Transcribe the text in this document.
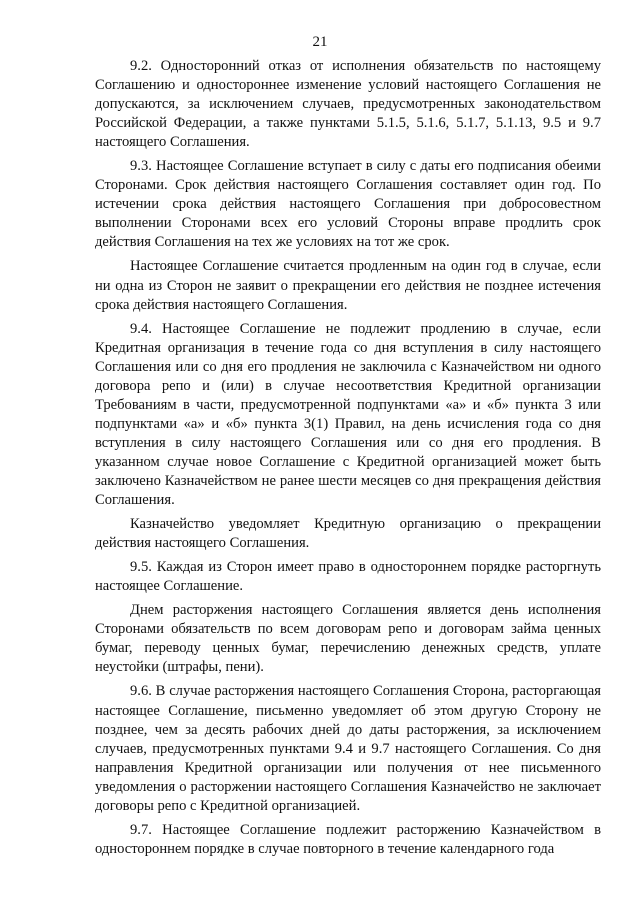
21

9.2. Односторонний отказ от исполнения обязательств по настоящему Соглашению и одностороннее изменение условий настоящего Соглашения не допускаются, за исключением случаев, предусмотренных законодательством Российской Федерации, а также пунктами 5.1.5, 5.1.6, 5.1.7, 5.1.13, 9.5 и 9.7 настоящего Соглашения.

9.3. Настоящее Соглашение вступает в силу с даты его подписания обеими Сторонами. Срок действия настоящего Соглашения составляет один год. По истечении срока действия настоящего Соглашения при добросовестном выполнении Сторонами всех его условий Стороны вправе продлить срок действия Соглашения на тех же условиях на тот же срок.

Настоящее Соглашение считается продленным на один год в случае, если ни одна из Сторон не заявит о прекращении его действия не позднее истечения срока действия настоящего Соглашения.

9.4. Настоящее Соглашение не подлежит продлению в случае, если Кредитная организация в течение года со дня вступления в силу настоящего Соглашения или со дня его продления не заключила с Казначейством ни одного договора репо и (или) в случае несоответствия Кредитной организации Требованиям в части, предусмотренной подпунктами «а» и «б» пункта 3 или подпунктами «а» и «б» пункта 3(1) Правил, на день исчисления года со дня вступления в силу настоящего Соглашения или со дня его продления. В указанном случае новое Соглашение с Кредитной организацией может быть заключено Казначейством не ранее шести месяцев со дня прекращения действия Соглашения.

Казначейство уведомляет Кредитную организацию о прекращении действия настоящего Соглашения.

9.5. Каждая из Сторон имеет право в одностороннем порядке расторгнуть настоящее Соглашение.

Днем расторжения настоящего Соглашения является день исполнения Сторонами обязательств по всем договорам репо и договорам займа ценных бумаг, переводу ценных бумаг, перечислению денежных средств, уплате неустойки (штрафы, пени).

9.6. В случае расторжения настоящего Соглашения Сторона, расторгающая настоящее Соглашение, письменно уведомляет об этом другую Сторону не позднее, чем за десять рабочих дней до даты расторжения, за исключением случаев, предусмотренных пунктами 9.4 и 9.7 настоящего Соглашения. Со дня направления Кредитной организации или получения от нее письменного уведомления о расторжении настоящего Соглашения Казначейство не заключает договоры репо с Кредитной организацией.

9.7. Настоящее Соглашение подлежит расторжению Казначейством в одностороннем порядке в случае повторного в течение календарного года
